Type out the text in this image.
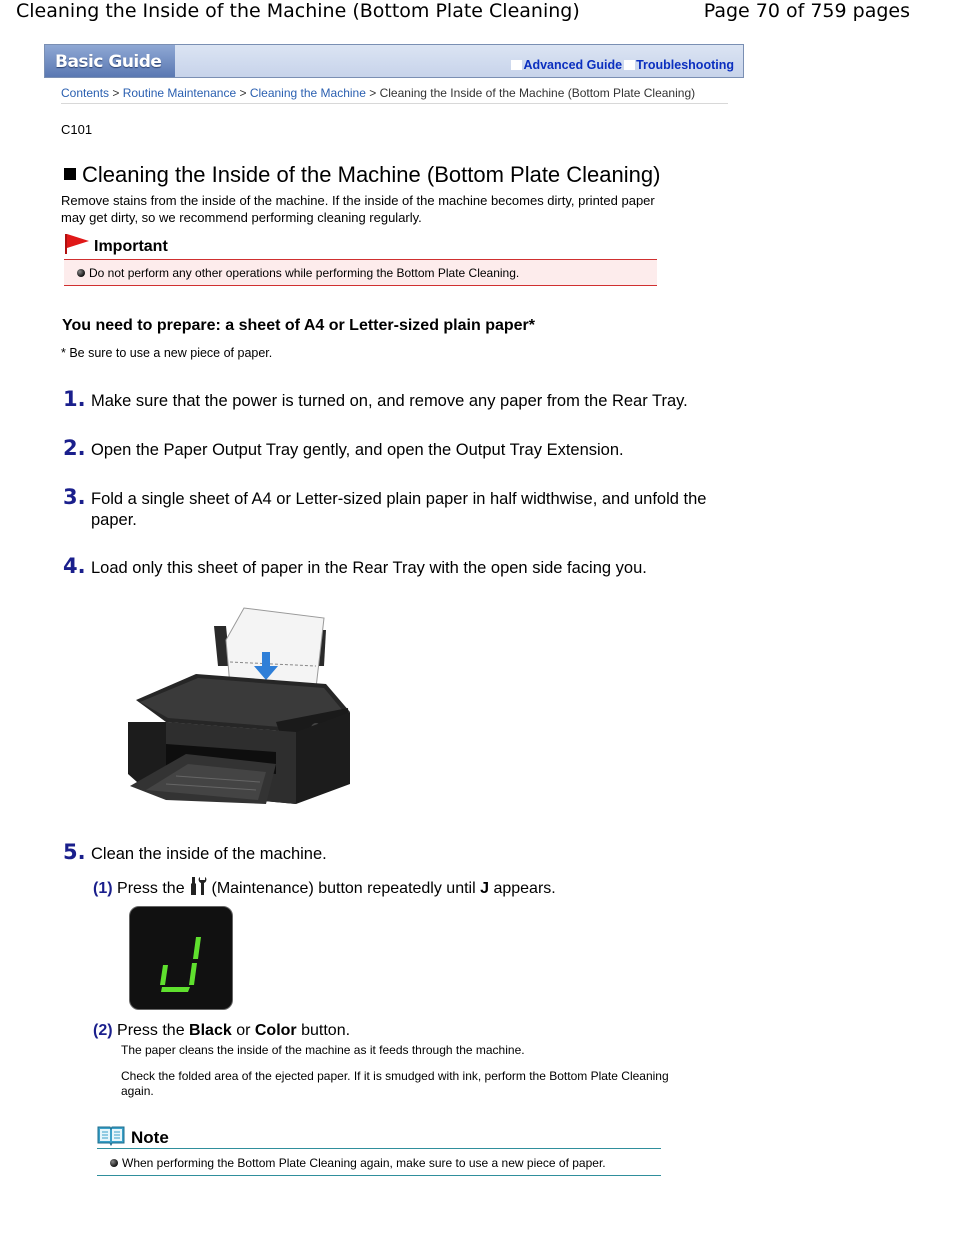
Cleaning the Inside of the Machine (Bottom Plate Cleaning)	Page 70 of 759 pages
Basic Guide	Advanced Guide Troubleshooting
Contents > Routine Maintenance > Cleaning the Machine > Cleaning the Inside of the Machine (Bottom Plate Cleaning)
C101
Cleaning the Inside of the Machine (Bottom Plate Cleaning)
Remove stains from the inside of the machine. If the inside of the machine becomes dirty, printed paper
may get dirty, so we recommend performing cleaning regularly.
Important
Do not perform any other operations while performing the Bottom Plate Cleaning.
You need to prepare: a sheet of A4 or Letter-sized plain paper*
* Be sure to use a new piece of paper.
1. Make sure that the power is turned on, and remove any paper from the Rear Tray.
2. Open the Paper Output Tray gently, and open the Output Tray Extension.
3. Fold a single sheet of A4 or Letter-sized plain paper in half widthwise, and unfold the
paper.
4. Load only this sheet of paper in the Rear Tray with the open side facing you.
5. Clean the inside of the machine.
(1) Press the  (Maintenance) button repeatedly until J appears.
(2) Press the Black or Color button.
The paper cleans the inside of the machine as it feeds through the machine.
Check the folded area of the ejected paper. If it is smudged with ink, perform the Bottom Plate Cleaning
again.
Note
When performing the Bottom Plate Cleaning again, make sure to use a new piece of paper.
